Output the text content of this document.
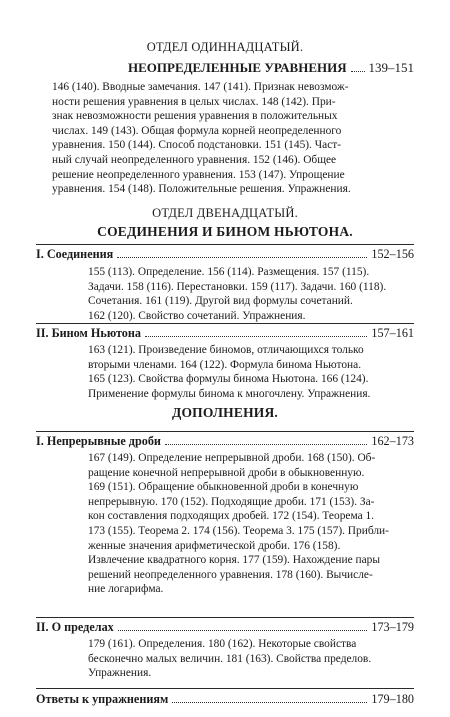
ОТДЕЛ ОДИННАДЦАТЫЙ.
НЕОПРЕДЕЛЕННЫЕ УРАВНЕНИЯ 139–151
146 (140). Вводные замечания. 147 (141). Признак невозмож-
ности решения уравнения в целых числах. 148 (142). При-
знак невозможности решения уравнения в положительных
числах. 149 (143). Общая формула корней неопределенного
уравнения. 150 (144). Способ подстановки. 151 (145). Част-
ный случай неопределенного уравнения. 152 (146). Общее
решение неопределенного уравнения. 153 (147). Упрощение
уравнения. 154 (148). Положительные решения. Упражнения.
ОТДЕЛ ДВЕНАДЦАТЫЙ.
СОЕДИНЕНИЯ И БИНОМ НЬЮТОНА.
I. Соединения	152–156
155 (113). Определение. 156 (114). Размещения. 157 (115).
Задачи. 158 (116). Перестановки. 159 (117). Задачи. 160 (118).
Сочетания. 161 (119). Другой вид формулы сочетаний.
162 (120). Свойство сочетаний. Упражнения.
II. Бином Ньютона	157–161
163 (121). Произведение биномов, отличающихся только
вторыми членами. 164 (122). Формула бинома Ньютона.
165 (123). Свойства формулы бинома Ньютона. 166 (124).
Применение формулы бинома к многочлену. Упражнения.
ДОПОЛНЕНИЯ.
I. Непрерывные дроби	162–173
167 (149). Определение непрерывной дроби. 168 (150). Об-
ращение конечной непрерывной дроби в обыкновенную.
169 (151). Обращение обыкновенной дроби в конечную
непрерывную. 170 (152). Подходящие дроби. 171 (153). За-
кон составления подходящих дробей. 172 (154). Теорема 1.
173 (155). Теорема 2. 174 (156). Теорема 3. 175 (157). Прибли-
женные значения арифметической дроби. 176 (158).
Извлечение квадратного корня. 177 (159). Нахождение пары
решений неопределенного уравнения. 178 (160). Вычисле-
ние логарифма.
II. О пределах	173–179
179 (161). Определения. 180 (162). Некоторые свойства
бесконечно малых величин. 181 (163). Свойства пределов.
Упражнения.
Ответы к упражнениям	179–180
